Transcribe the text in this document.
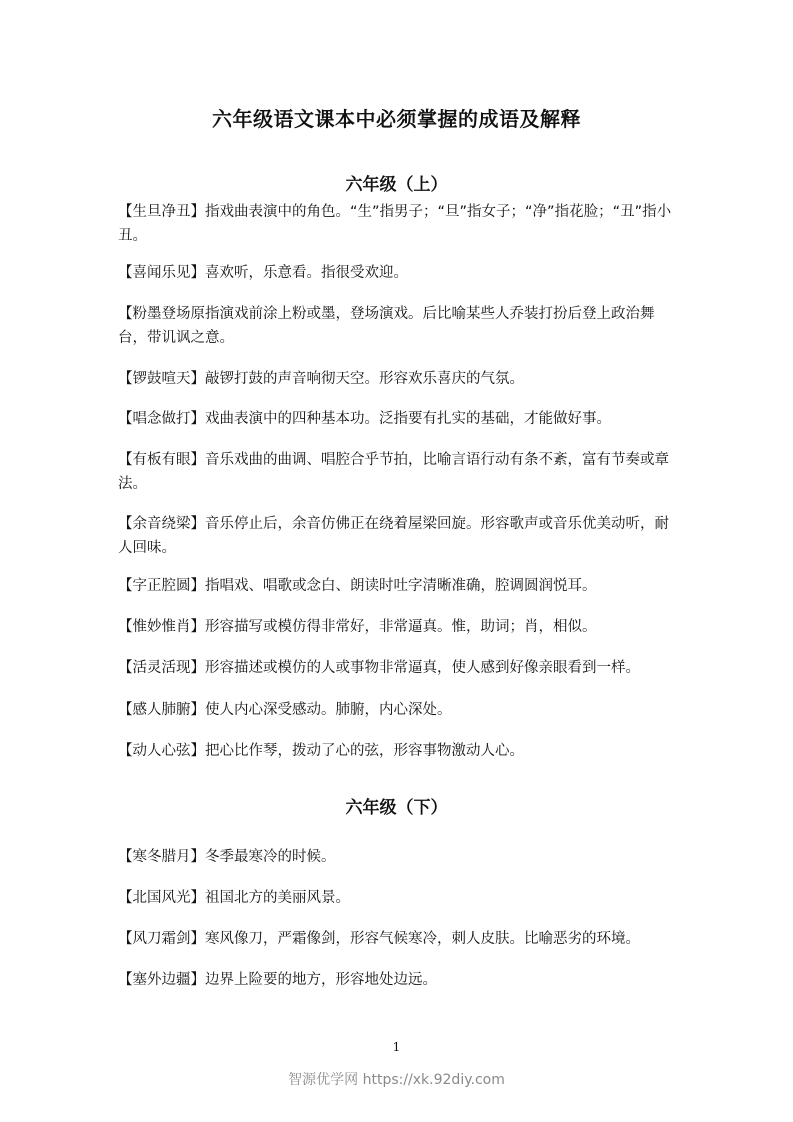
六年级语文课本中必须掌握的成语及解释
六年级（上）
【生旦净丑】指戏曲表演中的角色。“生”指男子；“旦”指女子；“净”指花脸；“丑”指小丑。
【喜闻乐见】喜欢听，乐意看。指很受欢迎。
【粉墨登场原指演戏前涂上粉或墨，登场演戏。后比喻某些人乔装打扮后登上政治舞台，带讥讽之意。
【锣鼓喧天】敲锣打鼓的声音响彻天空。形容欢乐喜庆的气氛。
【唱念做打】戏曲表演中的四种基本功。泛指要有扎实的基础，才能做好事。
【有板有眼】音乐戏曲的曲调、唱腔合乎节拍，比喻言语行动有条不紊，富有节奏或章法。
【余音绕梁】音乐停止后，余音仿佛正在绕着屋梁回旋。形容歌声或音乐优美动听，耐人回味。
【字正腔圆】指唱戏、唱歌或念白、朗读时吐字清晰准确，腔调圆润悦耳。
【惟妙惟肖】形容描写或模仿得非常好，非常逼真。惟，助词；肖，相似。
【活灵活现】形容描述或模仿的人或事物非常逼真，使人感到好像亲眼看到一样。
【感人肺腑】使人内心深受感动。肺腑，内心深处。
【动人心弦】把心比作琴，拨动了心的弦，形容事物激动人心。
六年级（下）
【寒冬腊月】冬季最寒冷的时候。
【北国风光】祖国北方的美丽风景。
【风刀霜剑】寒风像刀，严霜像剑，形容气候寒冷，刺人皮肤。比喻恶劣的环境。
【塞外边疆】边界上险要的地方，形容地处边远。
1
智源优学网 https://xk.92diy.com
